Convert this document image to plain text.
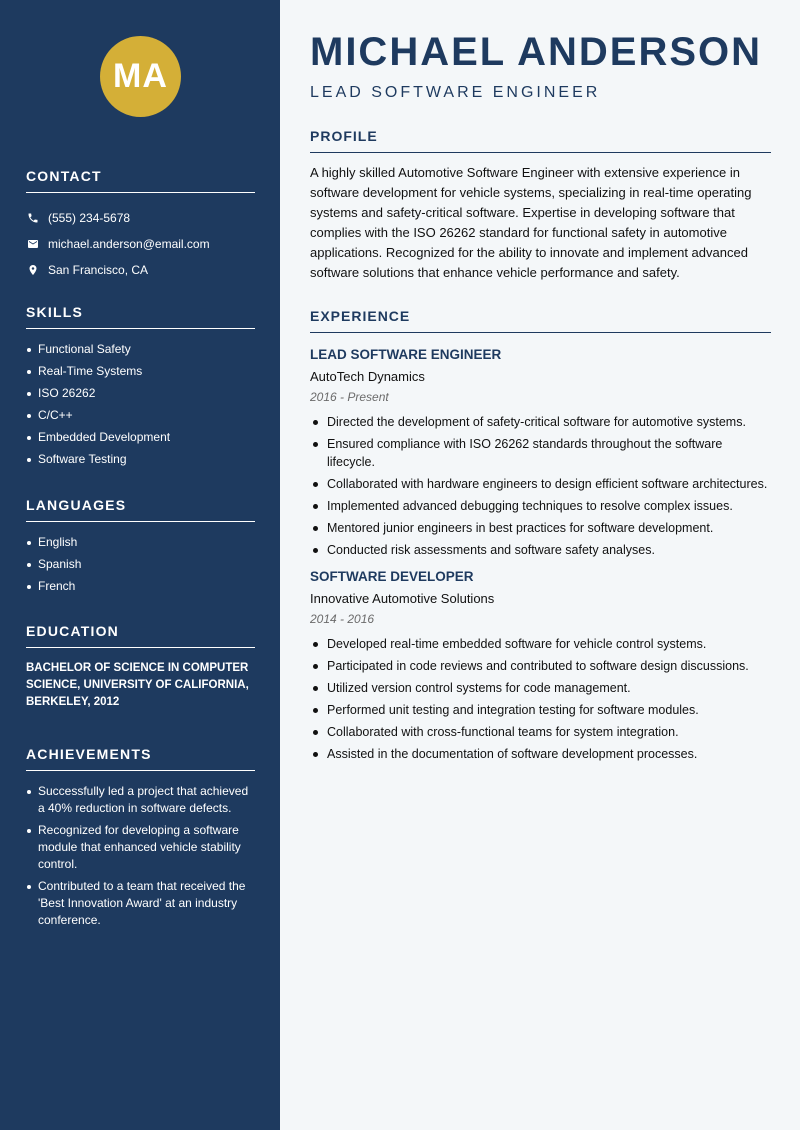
MA
CONTACT
(555) 234-5678
michael.anderson@email.com
San Francisco, CA
SKILLS
Functional Safety
Real-Time Systems
ISO 26262
C/C++
Embedded Development
Software Testing
LANGUAGES
English
Spanish
French
EDUCATION
BACHELOR OF SCIENCE IN COMPUTER SCIENCE, UNIVERSITY OF CALIFORNIA, BERKELEY, 2012
ACHIEVEMENTS
Successfully led a project that achieved a 40% reduction in software defects.
Recognized for developing a software module that enhanced vehicle stability control.
Contributed to a team that received the 'Best Innovation Award' at an industry conference.
MICHAEL ANDERSON
LEAD SOFTWARE ENGINEER
PROFILE
A highly skilled Automotive Software Engineer with extensive experience in software development for vehicle systems, specializing in real-time operating systems and safety-critical software. Expertise in developing software that complies with the ISO 26262 standard for functional safety in automotive applications. Recognized for the ability to innovate and implement advanced software solutions that enhance vehicle performance and safety.
EXPERIENCE
LEAD SOFTWARE ENGINEER
AutoTech Dynamics
2016 - Present
Directed the development of safety-critical software for automotive systems.
Ensured compliance with ISO 26262 standards throughout the software lifecycle.
Collaborated with hardware engineers to design efficient software architectures.
Implemented advanced debugging techniques to resolve complex issues.
Mentored junior engineers in best practices for software development.
Conducted risk assessments and software safety analyses.
SOFTWARE DEVELOPER
Innovative Automotive Solutions
2014 - 2016
Developed real-time embedded software for vehicle control systems.
Participated in code reviews and contributed to software design discussions.
Utilized version control systems for code management.
Performed unit testing and integration testing for software modules.
Collaborated with cross-functional teams for system integration.
Assisted in the documentation of software development processes.
